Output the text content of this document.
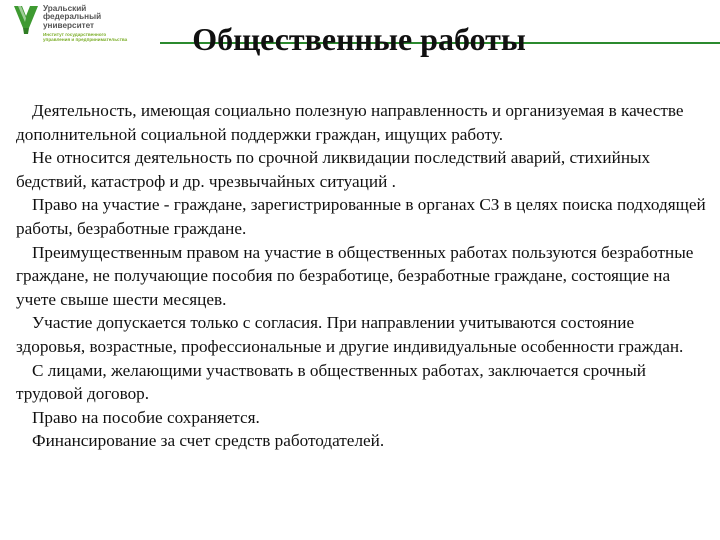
Уральский
федеральный
университет
Институт государственного
управления и предпринимательства	Общественные работы

Деятельность, имеющая социально полезную направленность и организуемая в качестве дополнительной социальной поддержки граждан, ищущих работу.

Не относится деятельность по срочной ликвидации последствий аварий, стихийных бедствий, катастроф и др. чрезвычайных ситуаций .

Право на участие - граждане, зарегистрированные в органах СЗ в целях поиска подходящей работы, безработные граждане.

Преимущественным правом на участие в общественных работах пользуются безработные граждане, не получающие пособия по безработице, безработные граждане, состоящие на учете свыше шести месяцев.

Участие допускается только с согласия. При направлении учитываются состояние здоровья, возрастные, профессиональные и другие индивидуальные особенности граждан.

С лицами, желающими участвовать в общественных работах, заключается срочный трудовой договор.

Право на пособие сохраняется.

Финансирование за счет средств работодателей.
